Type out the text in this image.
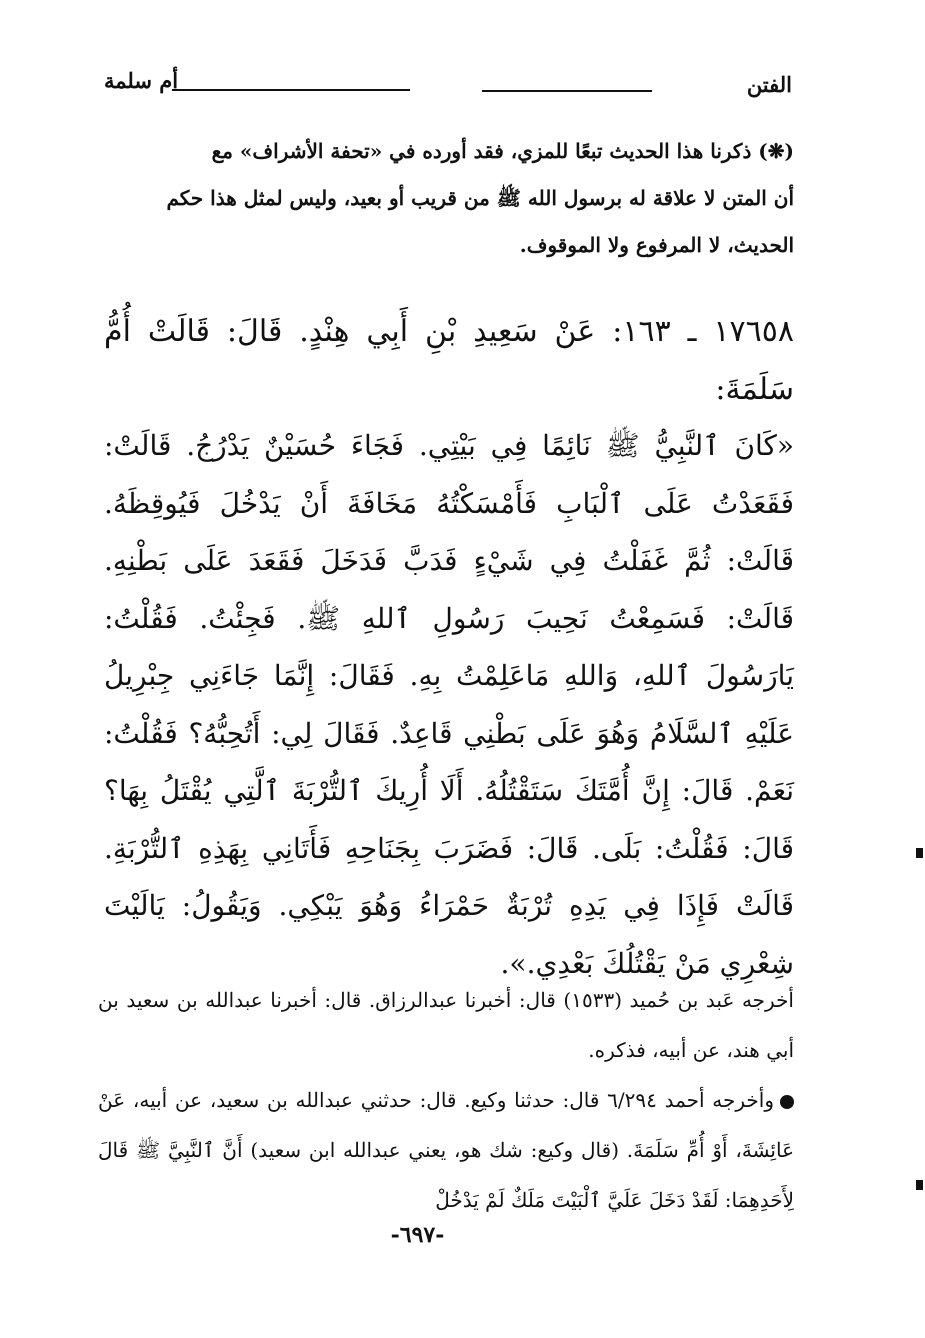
الفتن
أم سلمة

(❋) ذكرنا هذا الحديث تبعًا للمزي، فقد أورده في «تحفة الأشراف» مع

أن المتن لا علاقة له برسول الله ﷺ من قريب أو بعيد، وليس لمثل هذا حكم

الحديث، لا المرفوع ولا الموقوف.

١٧٦٥٨ ـ ١٦٣: عَنْ سَعِيدِ بْنِ أَبِي هِنْدٍ. قَالَ: قَالَتْ أُمُّ سَلَمَةَ:

«كَانَ ٱلنَّبِيُّ ﷺ نَائِمًا فِي بَيْتِي. فَجَاءَ حُسَيْنٌ يَدْرُجُ. قَالَتْ: فَقَعَدْتُ عَلَى ٱلْبَابِ فَأَمْسَكْتُهُ مَخَافَةَ أَنْ يَدْخُلَ فَيُوقِظَهُ. قَالَتْ: ثُمَّ غَفَلْتُ فِي شَيْءٍ فَدَبَّ فَدَخَلَ فَقَعَدَ عَلَى بَطْنِهِ. قَالَتْ: فَسَمِعْتُ نَحِيبَ رَسُولِ ٱللهِ ﷺ. فَجِئْتُ. فَقُلْتُ: يَارَسُولَ ٱللهِ، وَاللهِ مَاعَلِمْتُ بِهِ. فَقَالَ: إِنَّمَا جَاءَنِي جِبْرِيلُ عَلَيْهِ ٱلسَّلَامُ وَهُوَ عَلَى بَطْنِي قَاعِدٌ. فَقَالَ لِي: أَتُحِبُّهُ؟ فَقُلْتُ: نَعَمْ. قَالَ: إِنَّ أُمَّتَكَ سَتَقْتُلُهُ. أَلَا أُرِيكَ ٱلتُّرْبَةَ ٱلَّتِي يُقْتَلُ بِهَا؟ قَالَ: فَقُلْتُ: بَلَى. قَالَ: فَضَرَبَ بِجَنَاحِهِ فَأَتَانِي بِهَذِهِ ٱلتُّرْبَةِ. قَالَتْ فَإِذَا فِي يَدِهِ تُرْبَةٌ حَمْرَاءُ وَهُوَ يَبْكِي. وَيَقُولُ: يَالَيْتَ شِعْرِي مَنْ يَقْتُلُكَ بَعْدِي.».

أخرجه عَبد بن حُميد (١٥٣٣) قال: أخبرنا عبدالرزاق. قال: أخبرنا عبدالله بن سعيد بن أبي هند، عن أبيه، فذكره.

وأخرجه أحمد ٦/٢٩٤ قال: حدثنا وكيع. قال: حدثني عبدالله بن سعيد، عن أبيه، عَنْ عَائِشَةَ، أَوْ أُمِّ سَلَمَةَ. (قال وكيع: شك هو، يعني عبدالله ابن سعيد) أَنَّ ٱلنَّبِيَّ ﷺ قَالَ لِأَحَدِهِمَا: لَقَدْ دَخَلَ عَلَيَّ ٱلْبَيْتَ مَلَكٌ لَمْ يَدْخُلْ

-٦٩٧-
